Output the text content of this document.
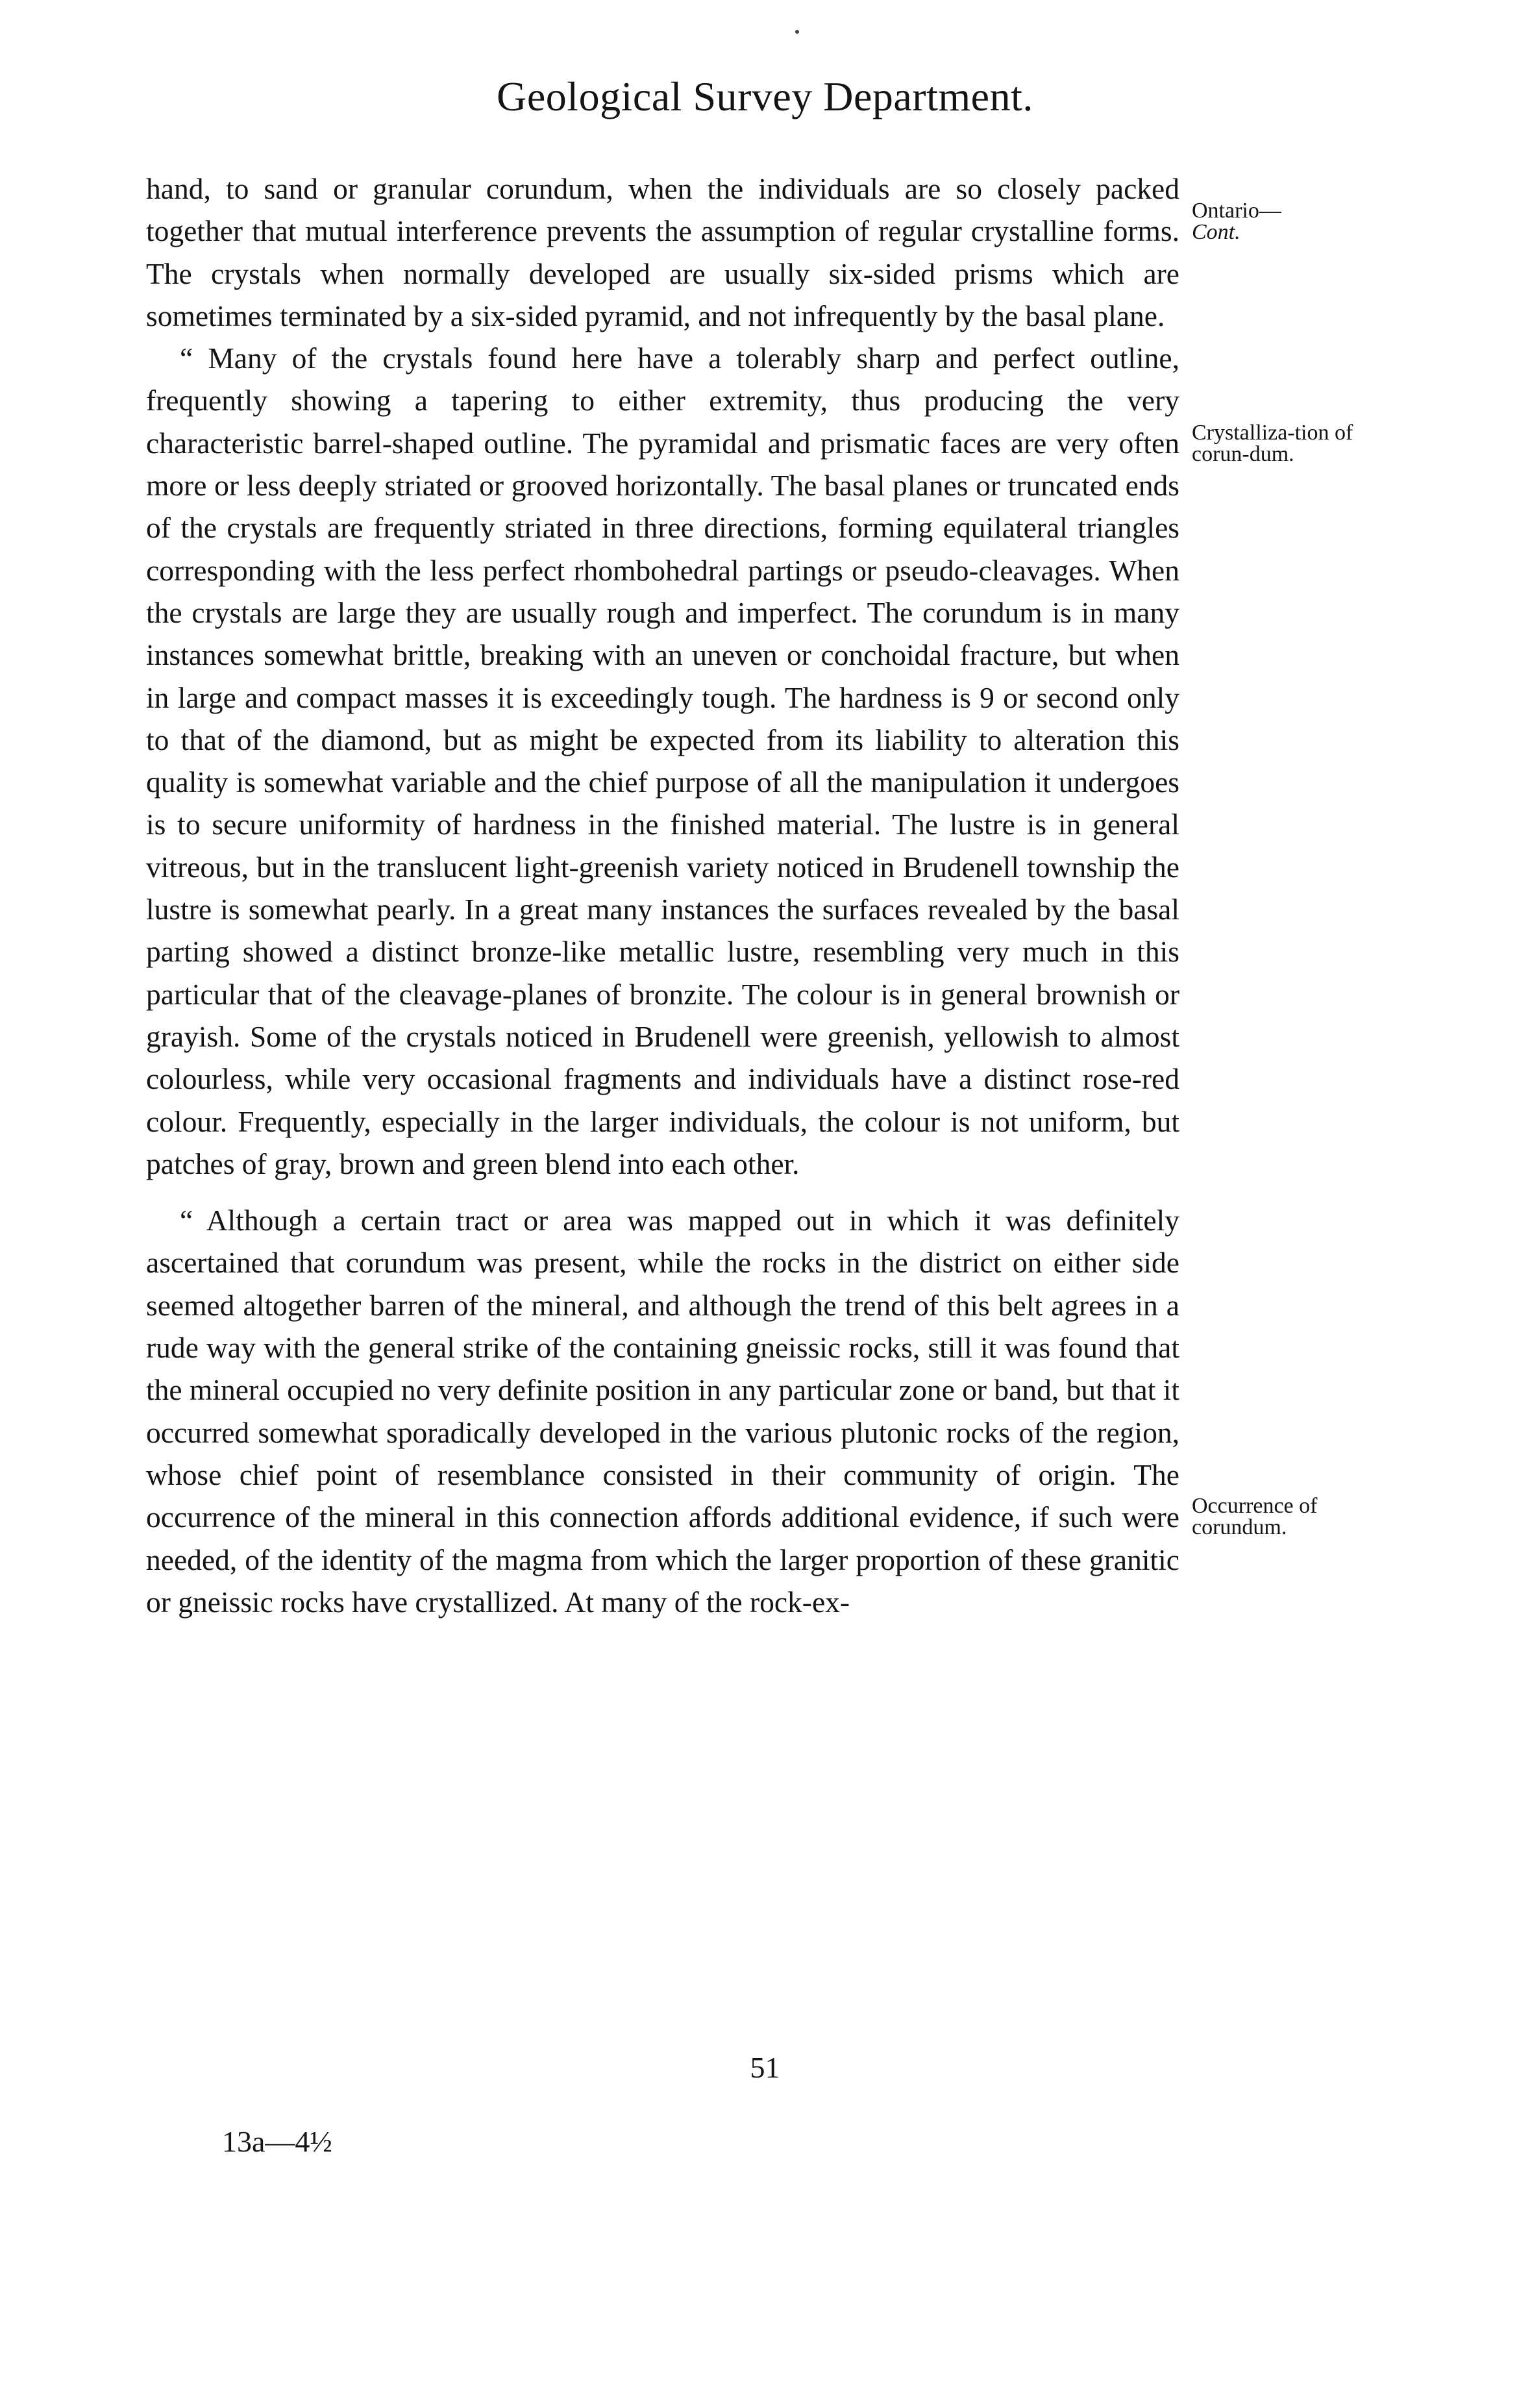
Geological Survey Department.

hand, to sand or granular corundum, when the individuals are so closely packed together that mutual interference prevents the assumption of regular crystalline forms. The crystals when normally developed are usually six-sided prisms which are sometimes terminated by a six-sided pyramid, and not infrequently by the basal plane.

“ Many of the crystals found here have a tolerably sharp and perfect outline, frequently showing a tapering to either extremity, thus producing the very characteristic barrel-shaped outline. The pyramidal and prismatic faces are very often more or less deeply striated or grooved horizontally. The basal planes or truncated ends of the crystals are frequently striated in three directions, forming equilateral triangles corresponding with the less perfect rhombohedral partings or pseudo-cleavages. When the crystals are large they are usually rough and imperfect. The corundum is in many instances somewhat brittle, breaking with an uneven or conchoidal fracture, but when in large and compact masses it is exceedingly tough. The hardness is 9 or second only to that of the diamond, but as might be expected from its liability to alteration this quality is somewhat variable and the chief purpose of all the manipulation it undergoes is to secure uniformity of hardness in the finished material. The lustre is in general vitreous, but in the translucent light-greenish variety noticed in Brudenell township the lustre is somewhat pearly. In a great many instances the surfaces revealed by the basal parting showed a distinct bronze-like metallic lustre, resembling very much in this particular that of the cleavage-planes of bronzite. The colour is in general brownish or grayish. Some of the crystals noticed in Brudenell were greenish, yellowish to almost colourless, while very occasional fragments and individuals have a distinct rose-red colour. Frequently, especially in the larger individuals, the colour is not uniform, but patches of gray, brown and green blend into each other.

“ Although a certain tract or area was mapped out in which it was definitely ascertained that corundum was present, while the rocks in the district on either side seemed altogether barren of the mineral, and although the trend of this belt agrees in a rude way with the general strike of the containing gneissic rocks, still it was found that the mineral occupied no very definite position in any particular zone or band, but that it occurred somewhat sporadically developed in the various plutonic rocks of the region, whose chief point of resemblance consisted in their community of origin. The occurrence of the mineral in this connection affords additional evidence, if such were needed, of the identity of the magma from which the larger proportion of these granitic or gneissic rocks have crystallized. At many of the rock-ex-

Ontario—
Cont.
Crystalliza-tion of corun-dum.
Occurrence of corundum.
51
13a—4½
